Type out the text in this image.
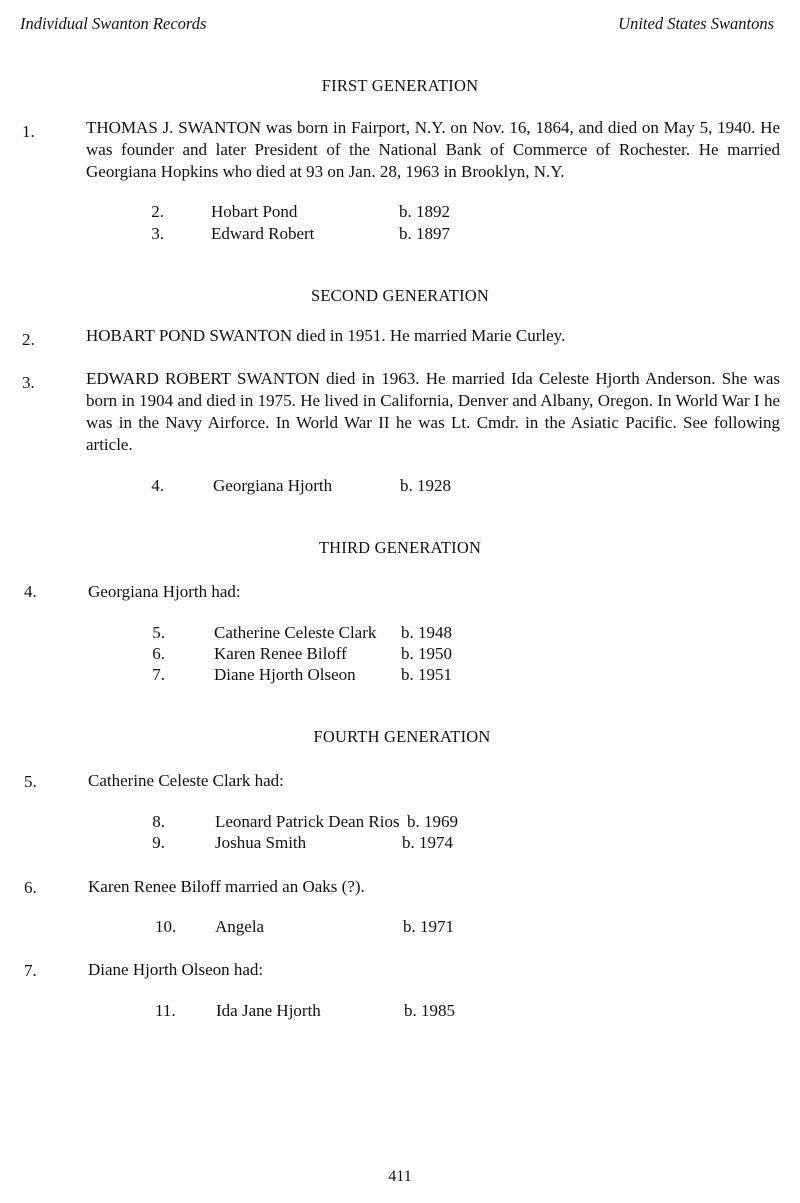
Individual Swanton Records	United States Swantons
FIRST GENERATION
1.	THOMAS J. SWANTON was born in Fairport, N.Y. on Nov. 16, 1864, and died on May 5, 1940. He was founder and later President of the National Bank of Commerce of Rochester. He married Georgiana Hopkins who died at 93 on Jan. 28, 1963 in Brooklyn, N.Y.
2.	Hobart Pond	b. 1892
3.	Edward Robert	b. 1897
SECOND GENERATION
2.	HOBART POND SWANTON died in 1951. He married Marie Curley.
3.	EDWARD ROBERT SWANTON died in 1963. He married Ida Celeste Hjorth Anderson. She was born in 1904 and died in 1975. He lived in California, Denver and Albany, Oregon. In World War I he was in the Navy Airforce. In World War II he was Lt. Cmdr. in the Asiatic Pacific. See following article.
4.	Georgiana Hjorth	b. 1928
THIRD GENERATION
4.	Georgiana Hjorth had:
5.	Catherine Celeste Clark b. 1948
6.	Karen Renee Biloff	b. 1950
7.	Diane Hjorth Olseon	b. 1951
FOURTH GENERATION
5.	Catherine Celeste Clark had:
8.	Leonard Patrick Dean Rios b. 1969
9.	Joshua Smith	b. 1974
6.	Karen Renee Biloff married an Oaks (?).
10. Angela	b. 1971
7.	Diane Hjorth Olseon had:
11. Ida Jane Hjorth	b. 1985
411
